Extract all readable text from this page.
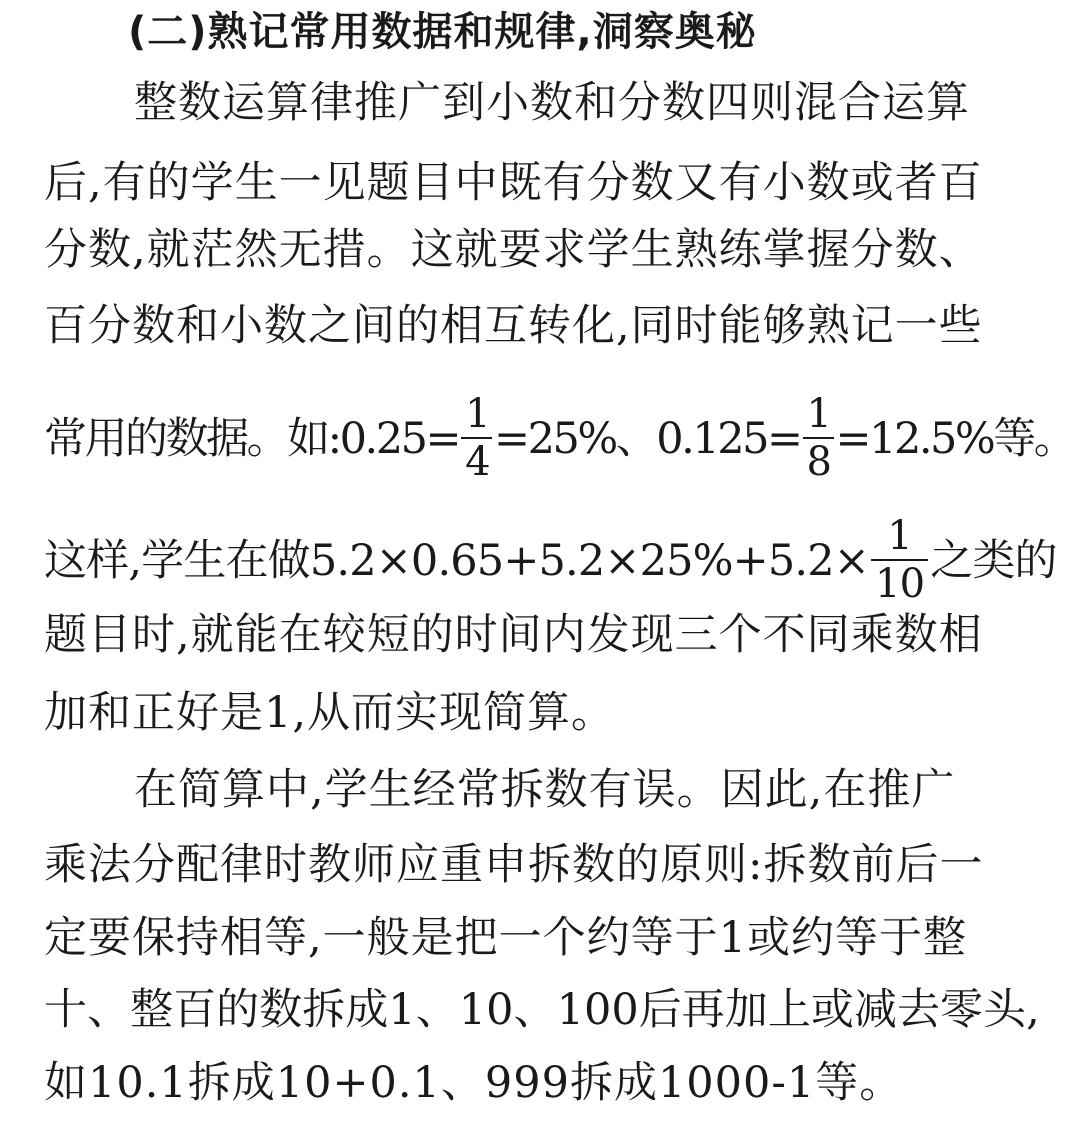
(二)熟记常用数据和规律,洞察奥秘
整数运算律推广到小数和分数四则混合运算
后,有的学生一见题目中既有分数又有小数或者百
分数,就茫然无措。这就要求学生熟练掌握分数、
百分数和小数之间的相互转化,同时能够熟记一些
常用的数据。如:0.25= $\frac{1}{4} =25\%$、$0.125= \frac{1}{8} =12.5\%$等。
这样,学生在做$5.2\times 0.65+5.2\times 25\%+5.2\times \frac{1}{10}$ 之类的
题目时,就能在较短的时间内发现三个不同乘数相
加和正好是1,从而实现简算。
在简算中,学生经常拆数有误。因此,在推广
乘法分配律时教师应重申拆数的原则:拆数前后一
定要保持相等,一般是把一个约等于1或约等于整
十、整百的数拆成1、10、100后再加上或减去零头,
如10.1拆成10+0.1、999拆成1000-1等。
